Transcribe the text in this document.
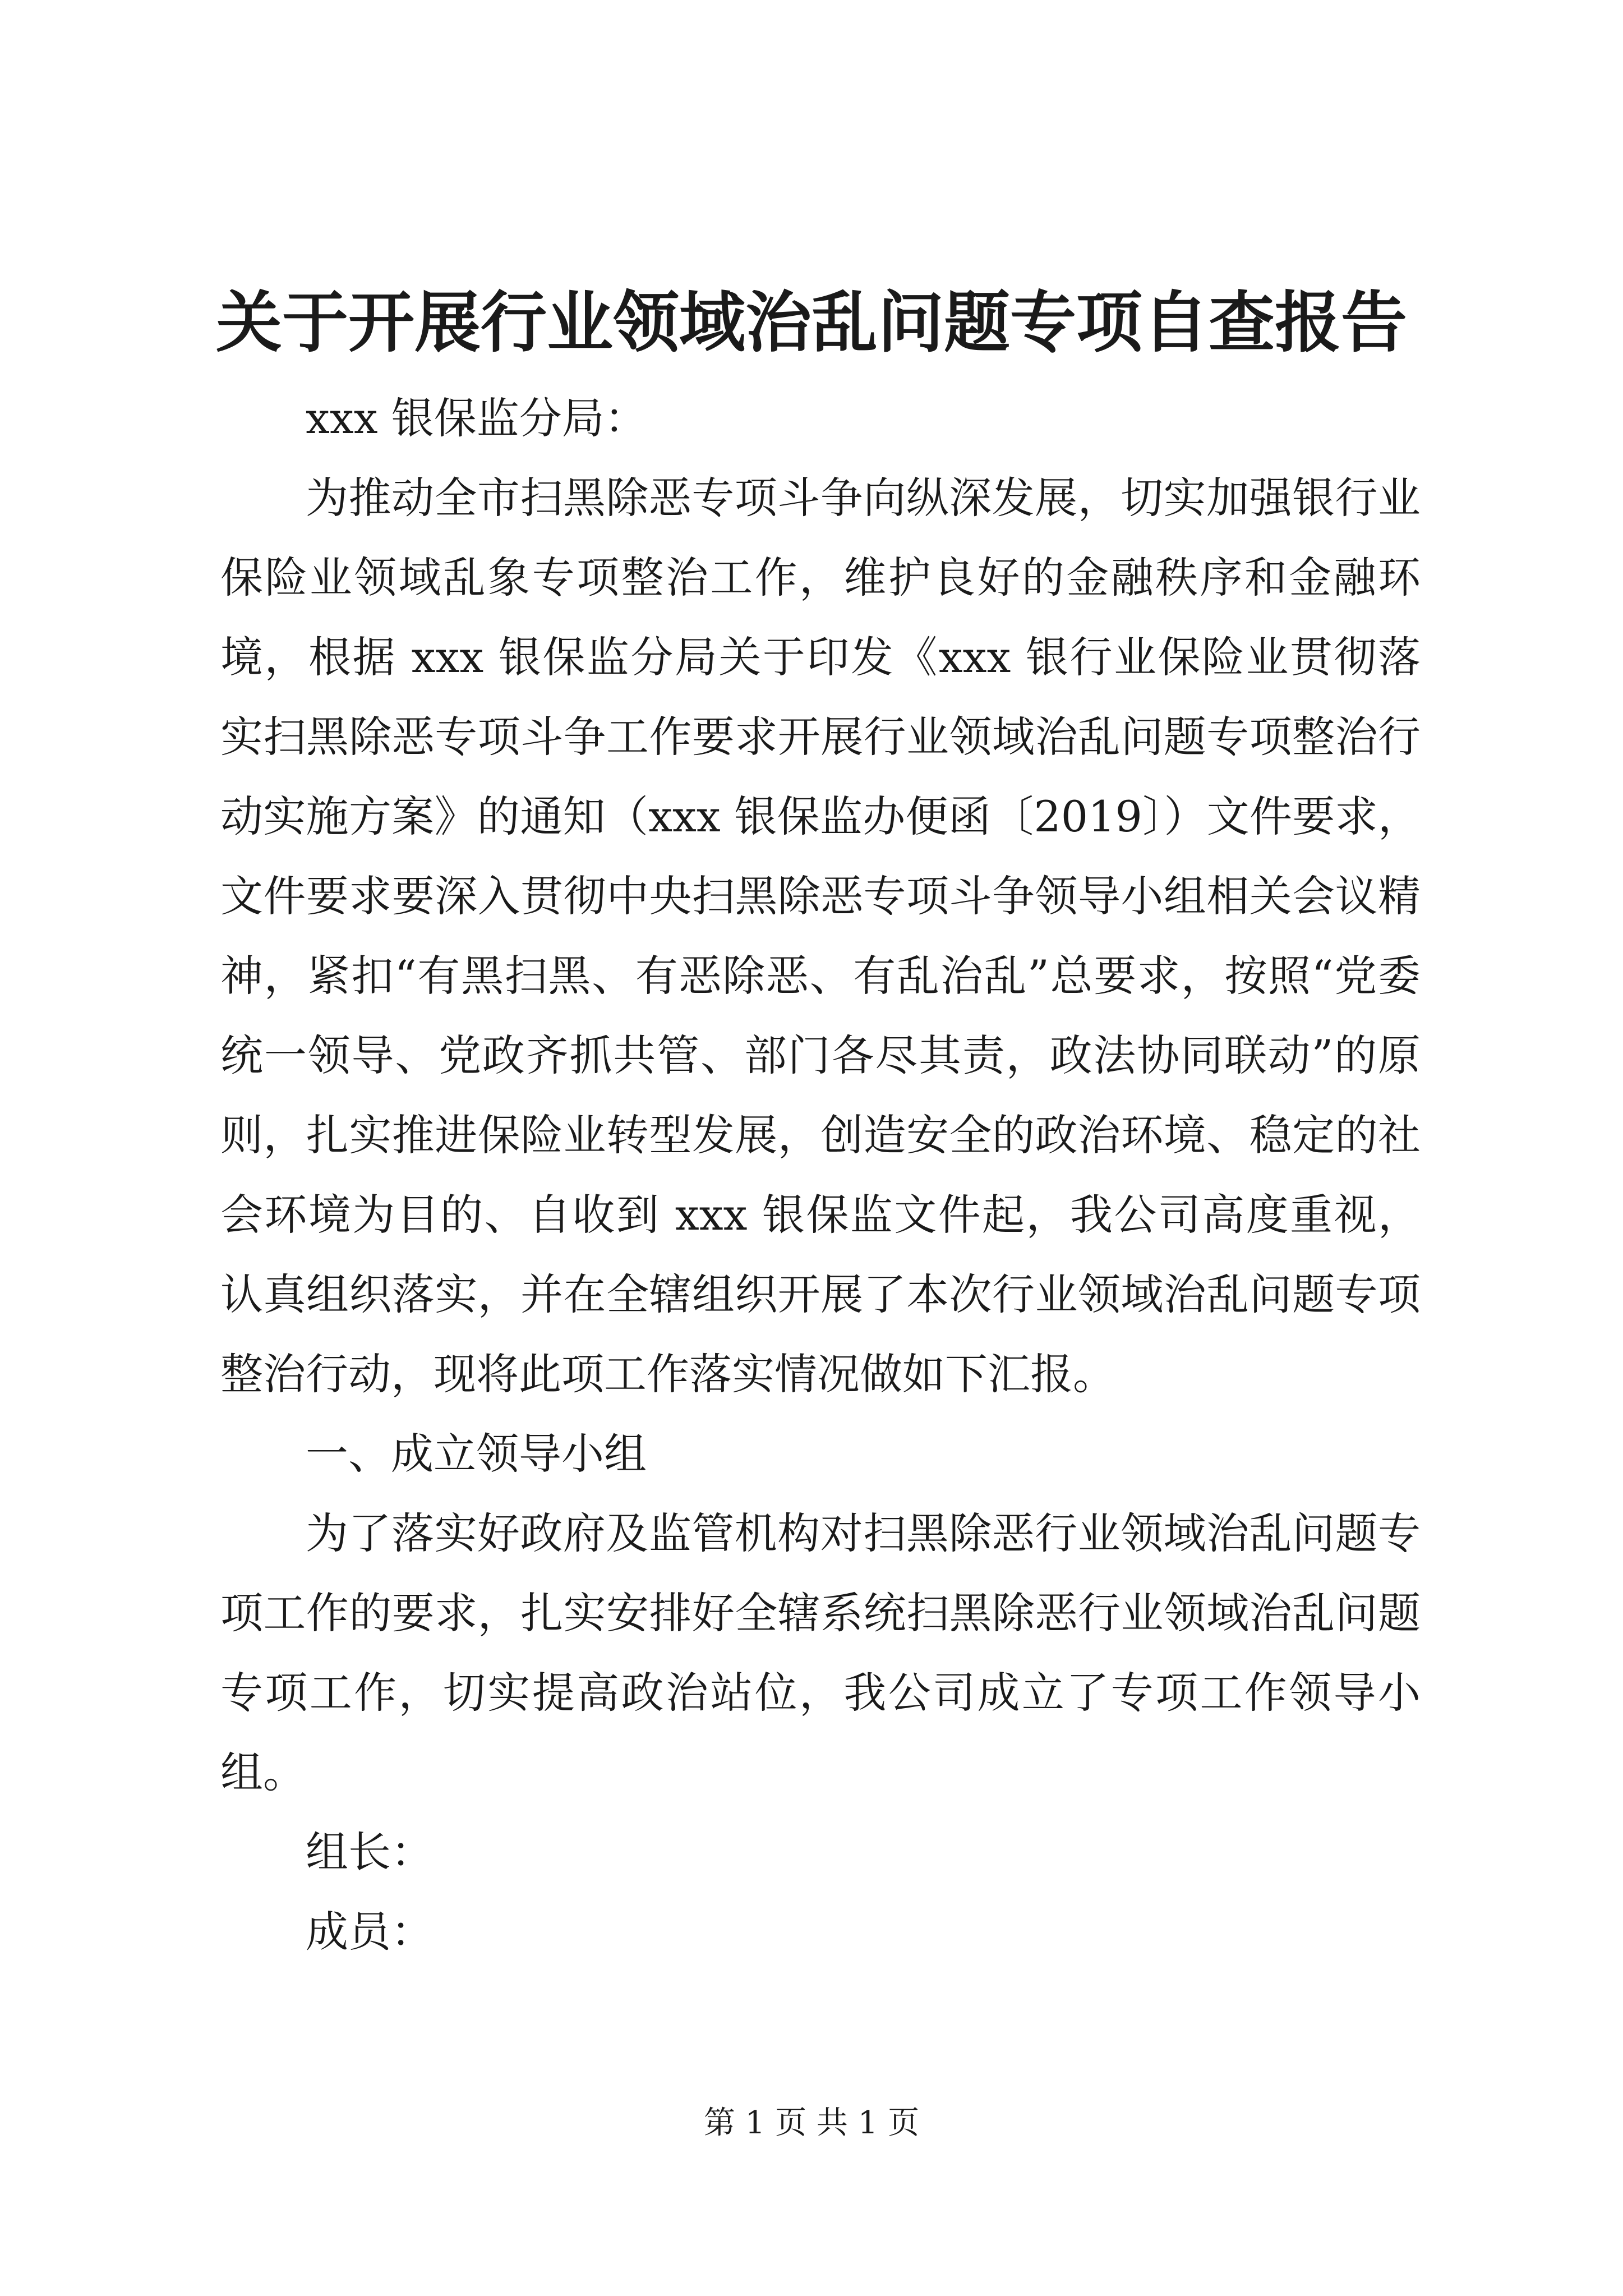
关于开展行业领域治乱问题专项自查报告

xxx 银保监分局：

为推动全市扫黑除恶专项斗争向纵深发展，切实加强银行业保险业领域乱象专项整治工作，维护良好的金融秩序和金融环境，根据 xxx 银保监分局关于印发《xxx 银行业保险业贯彻落实扫黑除恶专项斗争工作要求开展行业领域治乱问题专项整治行动实施方案》的通知（xxx 银保监办便函〔2019〕）文件要求，文件要求要深入贯彻中央扫黑除恶专项斗争领导小组相关会议精神，紧扣“有黑扫黑、有恶除恶、有乱治乱”总要求，按照“党委统一领导、党政齐抓共管、部门各尽其责，政法协同联动”的原则，扎实推进保险业转型发展，创造安全的政治环境、稳定的社会环境为目的、自收到 xxx 银保监文件起，我公司高度重视，认真组织落实，并在全辖组织开展了本次行业领域治乱问题专项整治行动，现将此项工作落实情况做如下汇报。

一、成立领导小组

为了落实好政府及监管机构对扫黑除恶行业领域治乱问题专项工作的要求，扎实安排好全辖系统扫黑除恶行业领域治乱问题专项工作，切实提高政治站位，我公司成立了专项工作领导小组。

组长：

成员：

第 1 页 共 1 页
